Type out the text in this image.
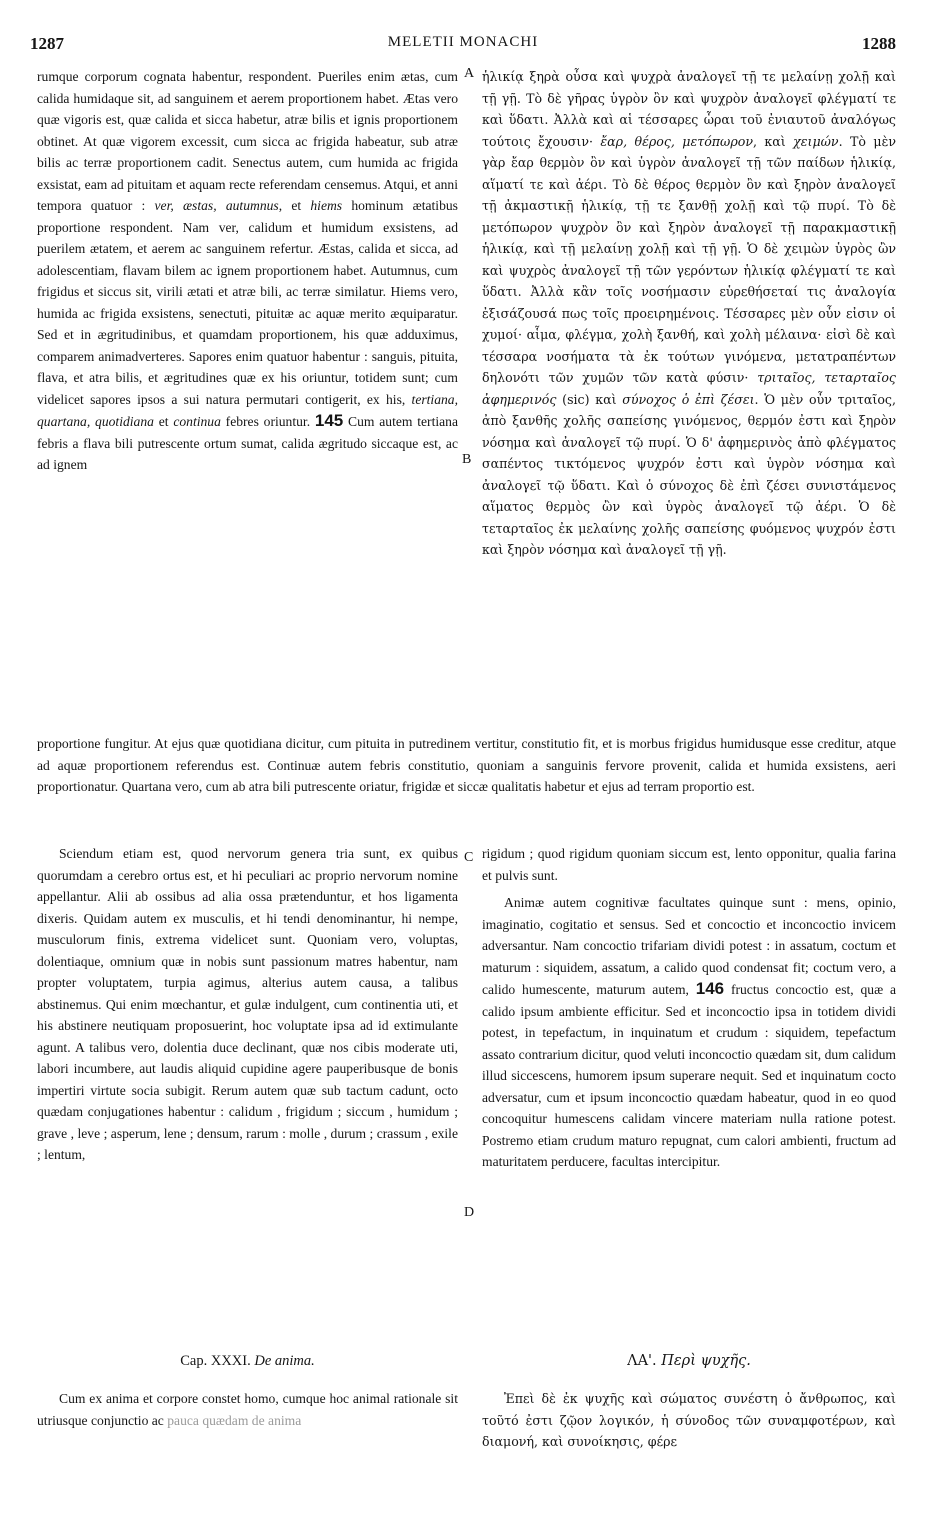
1287	MELETII MONACHI	1288
A
B
C
D

rumque corporum cognata habentur, respondent. Pueriles enim ætas, cum calida humidaque sit, ad sanguinem et aerem proportionem habet. Ætas vero quæ vigoris est, quæ calida et sicca habetur, atræ bilis et ignis proportionem obtinet. At quæ vigorem excessit, cum sicca ac frigida habeatur, sub atræ bilis ac terræ proportionem cadit. Senectus autem, cum humida ac frigida exsistat, eam ad pituitam et aquam recte referendam censemus. Atqui, et anni tempora quatuor : ver, æstas, autumnus, et hiems hominum ætatibus proportione respondent. Nam ver, calidum et humidum exsistens, ad puerilem ætatem, et aerem ac sanguinem refertur. Æstas, calida et sicca, ad adolescentiam, flavam bilem ac ignem proportionem habet. Autumnus, cum frigidus et siccus sit, virili ætati et atræ bili, ac terræ similatur. Hiems vero, humida ac frigida exsistens, senectuti, pituitæ ac aquæ merito æquiparatur. Sed et in ægritudinibus, et quamdam proportionem, his quæ adduximus, comparem animadverteres. Sapores enim quatuor habentur : sanguis, pituita, flava, et atra bilis, et ægritudines quæ ex his oriuntur, totidem sunt; cum videlicet sapores ipsos a sui natura permutari contigerit, ex his, tertiana, quartana, quotidiana et continua febres oriuntur. 145 Cum autem tertiana febris a flava bili putrescente ortum sumat, calida ægritudo siccaque est, ac ad ignem

ἡλικίᾳ ξηρὰ οὖσα καὶ ψυχρὰ ἀναλογεῖ τῇ τε μελαίνῃ χολῇ καὶ τῇ γῇ. Τὸ δὲ γῆρας ὑγρὸν ὂν καὶ ψυχρὸν ἀναλογεῖ φλέγματί τε καὶ ὕδατι. Ἀλλὰ καὶ αἱ τέσσαρες ὧραι τοῦ ἐνιαυτοῦ ἀναλόγως τούτοις ἔχουσιν· ἔαρ, θέρος, μετόπωρον, καὶ χειμών. Τὸ μὲν γὰρ ἔαρ θερμὸν ὂν καὶ ὑγρὸν ἀναλογεῖ τῇ τῶν παίδων ἡλικίᾳ, αἵματί τε καὶ ἀέρι. Τὸ δὲ θέρος θερμὸν ὂν καὶ ξηρὸν ἀναλογεῖ τῇ ἀκμαστικῇ ἡλικίᾳ, τῇ τε ξανθῇ χολῇ καὶ τῷ πυρί. Τὸ δὲ μετόπωρον ψυχρὸν ὂν καὶ ξηρὸν ἀναλογεῖ τῇ παρακμαστικῇ ἡλικίᾳ, καὶ τῇ μελαίνῃ χολῇ καὶ τῇ γῇ. Ὁ δὲ χειμὼν ὑγρὸς ὢν καὶ ψυχρὸς ἀναλογεῖ τῇ τῶν γερόντων ἡλικίᾳ φλέγματί τε καὶ ὕδατι. Ἀλλὰ κἂν τοῖς νοσήμασιν εὑρεθήσεταί τις ἀναλογία ἐξισάζουσά πως τοῖς προειρημένοις. Τέσσαρες μὲν οὖν εἰσιν οἱ χυμοί· αἷμα, φλέγμα, χολὴ ξανθή, καὶ χολὴ μέλαινα· εἰσὶ δὲ καὶ τέσσαρα νοσήματα τὰ ἐκ τούτων γινόμενα, μετατραπέντων δηλονότι τῶν χυμῶν τῶν κατὰ φύσιν· τριταῖος, τεταρταῖος ἀφημερινός (sic) καὶ σύνοχος ὁ ἐπὶ ζέσει. Ὁ μὲν οὖν τριταῖος, ἀπὸ ξανθῆς χολῆς σαπείσης γινόμενος, θερμόν ἐστι καὶ ξηρὸν νόσημα καὶ ἀναλογεῖ τῷ πυρί. Ὁ δ' ἀφημερινὸς ἀπὸ φλέγματος σαπέντος τικτόμενος ψυχρόν ἐστι καὶ ὑγρὸν νόσημα καὶ ἀναλογεῖ τῷ ὕδατι. Καὶ ὁ σύνοχος δὲ ἐπὶ ζέσει συνιστάμενος αἵματος θερμὸς ὢν καὶ ὑγρὸς ἀναλογεῖ τῷ ἀέρι. Ὁ δὲ τεταρταῖος ἐκ μελαίνης χολῆς σαπείσης φυόμενος ψυχρόν ἐστι καὶ ξηρὸν νόσημα καὶ ἀναλογεῖ τῇ γῇ.

proportione fungitur. At ejus quæ quotidiana dicitur, cum pituita in putredinem vertitur, constitutio fit, et is morbus frigidus humidusque esse creditur, atque ad aquæ proportionem referendus est. Continuæ autem febris constitutio, quoniam a sanguinis fervore provenit, calida et humida exsistens, aeri proportionatur. Quartana vero, cum ab atra bili putrescente oriatur, frigidæ et siccæ qualitatis habetur et ejus ad terram proportio est.

Sciendum etiam est, quod nervorum genera tria sunt, ex quibus quorumdam a cerebro ortus est, et hi peculiari ac proprio nervorum nomine appellantur. Alii ab ossibus ad alia ossa prætenduntur, et hos ligamenta dixeris. Quidam autem ex musculis, et hi tendi denominantur, hi nempe, musculorum finis, extrema videlicet sunt. Quoniam vero, voluptas, dolentiaque, omnium quæ in nobis sunt passionum matres habentur, nam propter voluptatem, turpia agimus, alterius autem causa, a talibus abstinemus. Qui enim mœchantur, et gulæ indulgent, cum continentia uti, et his abstinere neutiquam proposuerint, hoc voluptate ipsa ad id extimulante agunt. A talibus vero, dolentia duce declinant, quæ nos cibis moderate uti, labori incumbere, aut laudis aliquid cupidine agere pauperibusque de bonis impertiri virtute socia subigit. Rerum autem quæ sub tactum cadunt, octo quædam conjugationes habentur : calidum , frigidum ; siccum , humidum ; grave , leve ; asperum, lene ; densum, rarum : molle , durum ; crassum , exile ; lentum,

rigidum ; quod rigidum quoniam siccum est, lento opponitur, qualia farina et pulvis sunt.

Animæ autem cognitivæ facultates quinque sunt : mens, opinio, imaginatio, cogitatio et sensus. Sed et concoctio et inconcoctio invicem adversantur. Nam concoctio trifariam dividi potest : in assatum, coctum et maturum : siquidem, assatum, a calido quod condensat fit; coctum vero, a calido humescente, maturum autem, 146 fructus concoctio est, quæ a calido ipsum ambiente efficitur. Sed et inconcoctio ipsa in totidem dividi potest, in tepefactum, in inquinatum et crudum : siquidem, tepefactum assato contrarium dicitur, quod veluti inconcoctio quædam sit, dum calidum illud siccescens, humorem ipsum superare nequit. Sed et inquinatum cocto adversatur, cum et ipsum inconcoctio quædam habeatur, quod in eo quod concoquitur humescens calidam vincere materiam nulla ratione potest. Postremo etiam crudum maturo repugnat, cum calori ambienti, fructum ad maturitatem perducere, facultas intercipitur.

Cap. XXXI. De anima.	ΛΑ'. Περὶ ψυχῆς.

Cum ex anima et corpore constet homo, cumque hoc animal rationale sit utriusque conjunctio ac pauca quædam de anima

Ἐπεὶ δὲ ἐκ ψυχῆς καὶ σώματος συνέστη ὁ ἄνθρωπος, καὶ τοῦτό ἐστι ζῷον λογικόν, ἡ σύνοδος τῶν συναμφοτέρων, καὶ διαμονή, καὶ συνοίκησις, φέρε
